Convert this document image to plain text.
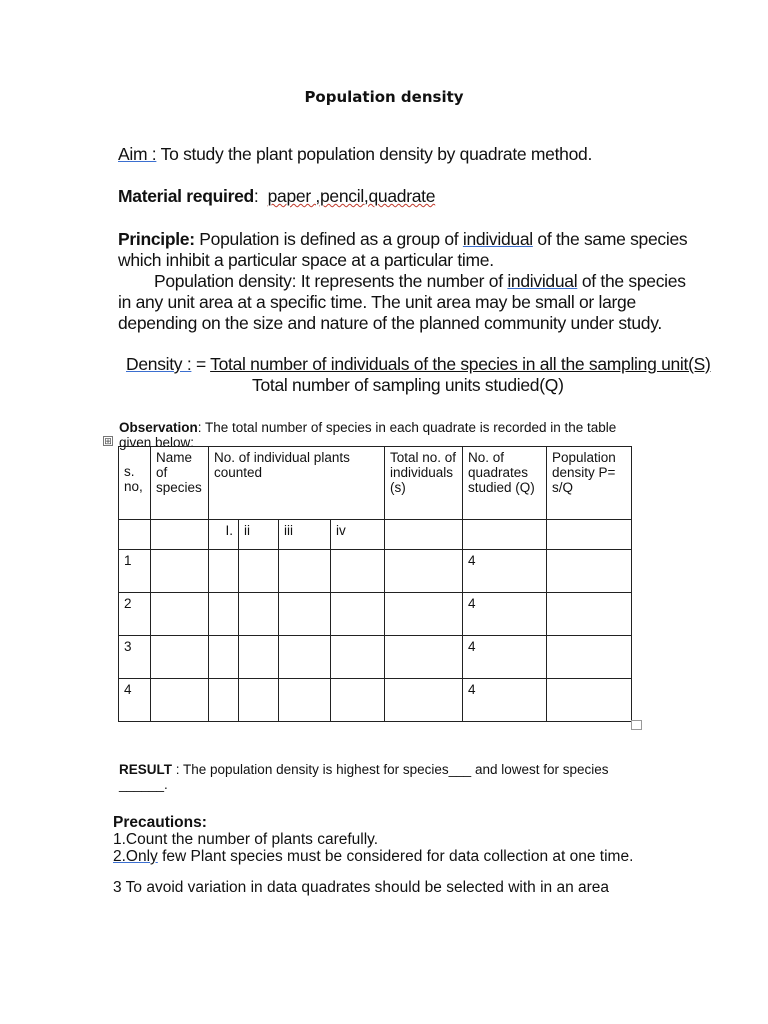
Population density
Aim : To study the plant population density by quadrate method.
Material required:  paper ,pencil,quadrate
Principle: Population is defined as a group of individual of the same species which inhibit a particular space at a particular time.
Population density: It represents the number of individual of the species in any unit area at a specific time. The unit area may be small or large depending on the size and nature of the planned community under study.
Density : = Total number of individuals of the species in all the sampling unit(S)
Total number of sampling units studied(Q)
Observation: The total number of species in each quadrate is recorded in the table
given below:
⊞
s. no,	Name of species	No. of individual plants counted				Total no. of individuals (s)	No. of quadrates studied (Q)	Population density P= s/Q
		I.	ii	iii	iv			
1							4	
2							4	
3							4	
4							4	
RESULT : The population density is highest for species___ and lowest for species
______.
Precautions:
1.Count the number of plants carefully.
2.Only few Plant species must be considered for data collection at one time.
3 To avoid variation in data quadrates should be selected with in an area
